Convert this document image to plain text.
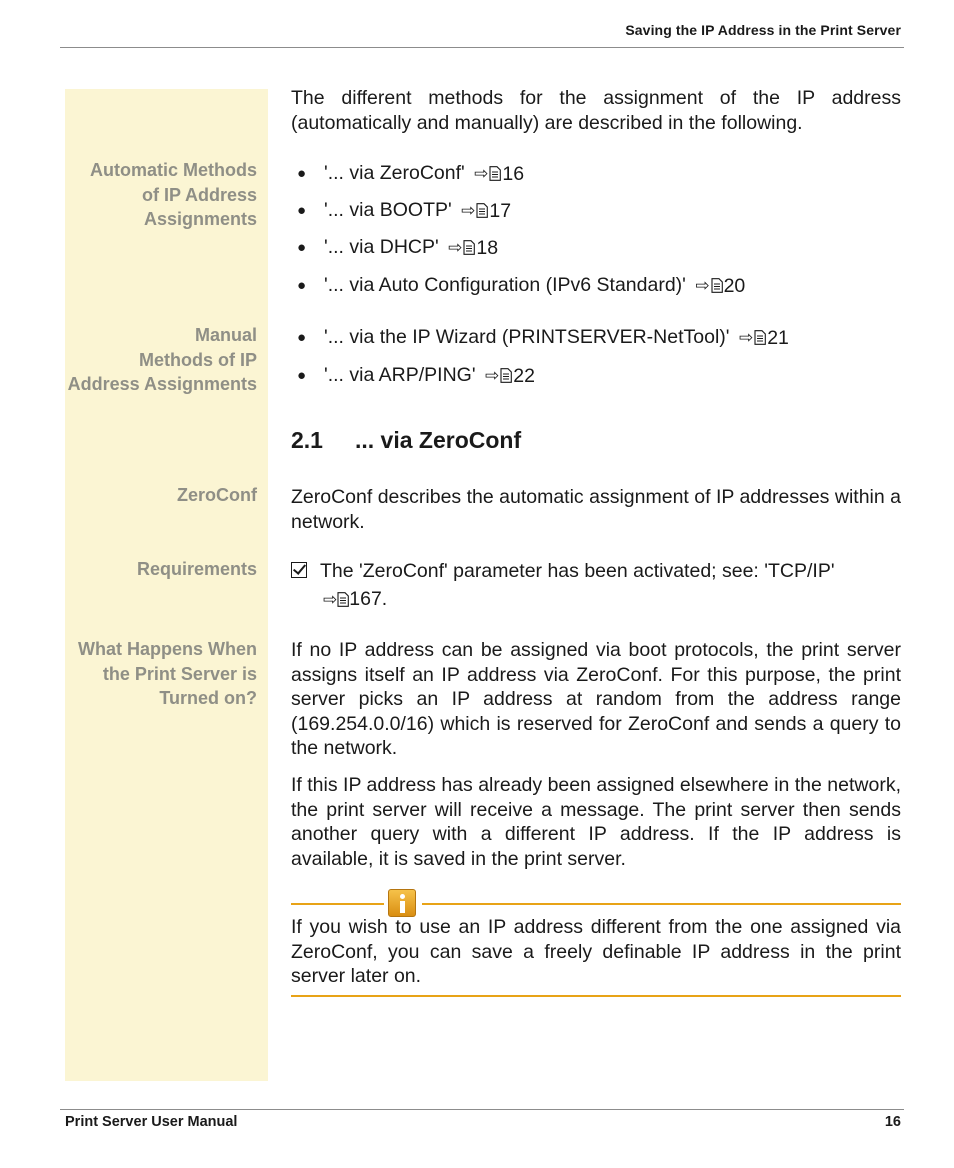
Saving the IP Address in the Print Server
Automatic Methods
of IP Address
Assignments
Manual
Methods of IP
Address Assignments
ZeroConf
Requirements
What Happens When
the Print Server is
Turned on?
The different methods for the assignment of the IP address (automatically and manually) are described in the following.
● '... via ZeroConf' ⇨ 16
● '... via BOOTP' ⇨ 17
● '... via DHCP' ⇨ 18
● '... via Auto Configuration (IPv6 Standard)' ⇨ 20
● '... via the IP Wizard (PRINTSERVER-NetTool)' ⇨ 21
● '... via ARP/PING' ⇨ 22
2.1 ... via ZeroConf
ZeroConf describes the automatic assignment of IP addresses within a network.
The 'ZeroConf' parameter has been activated; see: 'TCP/IP'
⇨ 167.
If no IP address can be assigned via boot protocols, the print server assigns itself an IP address via ZeroConf. For this purpose, the print server picks an IP address at random from the address range (169.254.0.0/16) which is reserved for ZeroConf and sends a query to the network.
If this IP address has already been assigned elsewhere in the network, the print server will receive a message. The print server then sends another query with a different IP address. If the IP address is available, it is saved in the print server.
If you wish to use an IP address different from the one assigned via ZeroConf, you can save a freely definable IP address in the print server later on.
Print Server User Manual	16
